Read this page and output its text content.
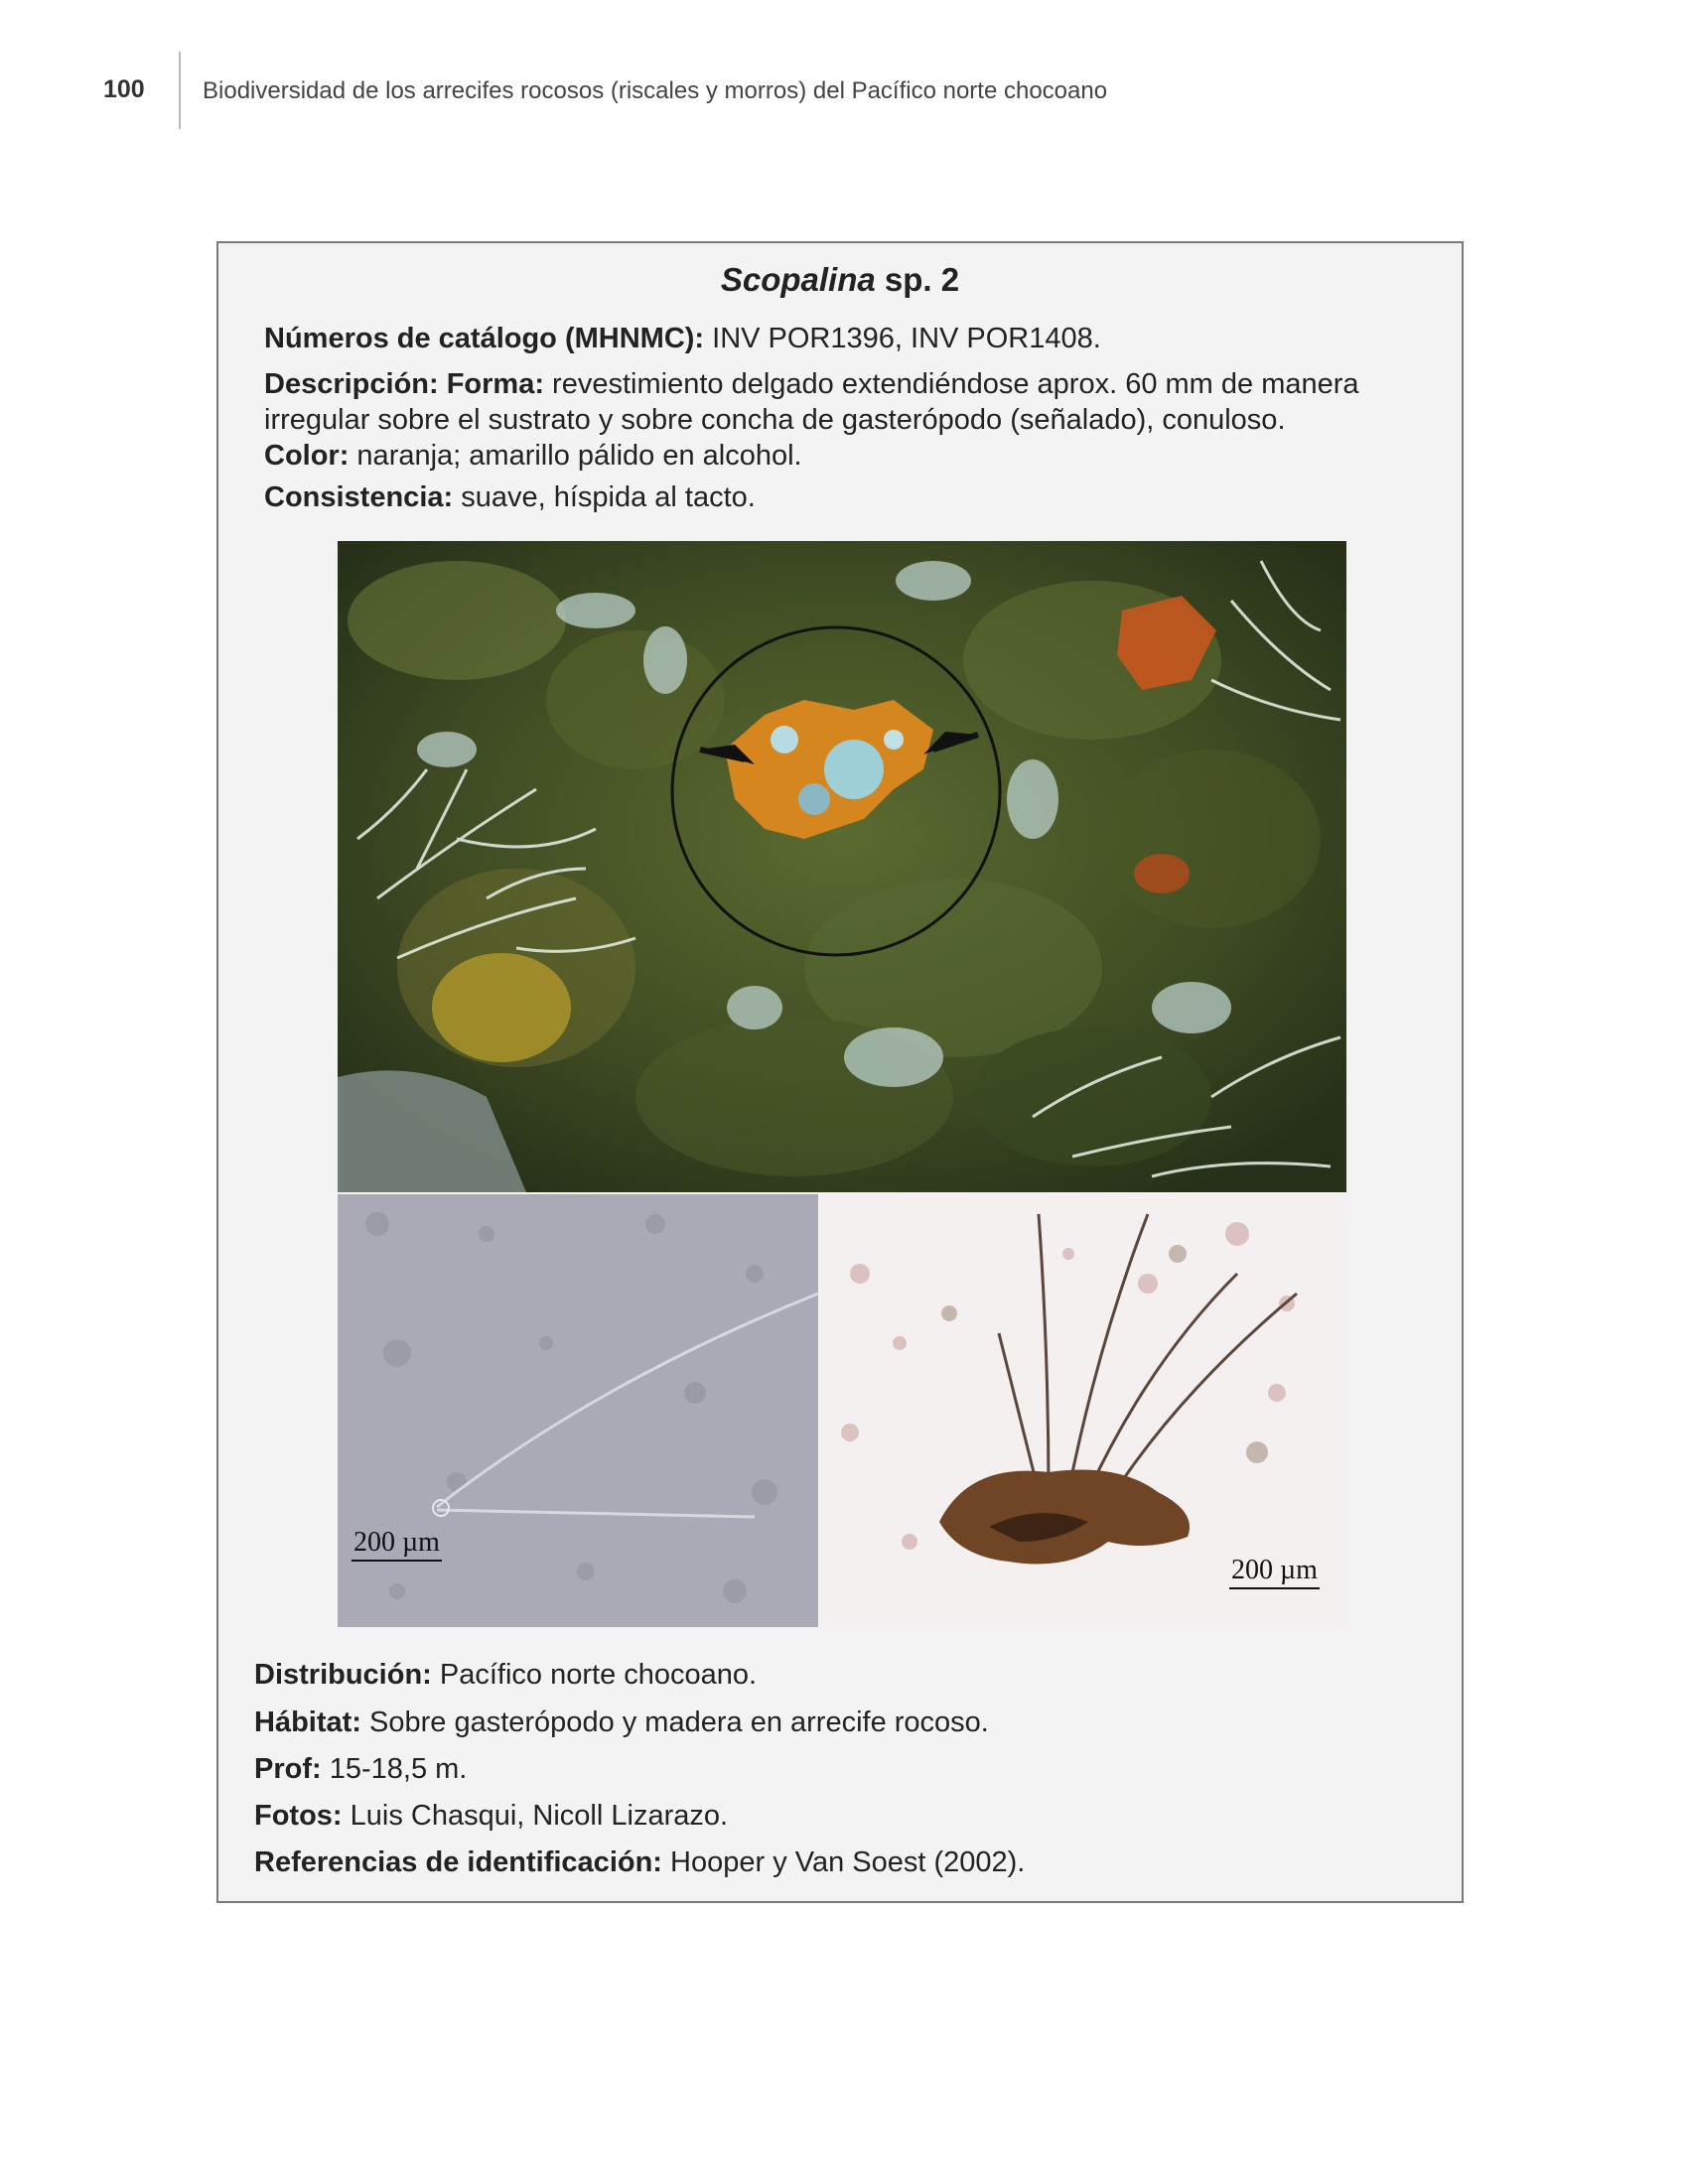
100 Biodiversidad de los arrecifes rocosos (riscales y morros) del Pacífico norte chocoano
Scopalina sp. 2
Números de catálogo (MHNMC): INV POR1396, INV POR1408.
Descripción: Forma: revestimiento delgado extendiéndose aprox. 60 mm de manera irregular sobre el sustrato y sobre concha de gasterópodo (señalado), conuloso.
Color: naranja; amarillo pálido en alcohol.
Consistencia: suave, híspida al tacto.
200 µm
200 µm
Distribución: Pacífico norte chocoano.
Hábitat: Sobre gasterópodo y madera en arrecife rocoso.
Prof: 15-18,5 m.
Fotos: Luis Chasqui, Nicoll Lizarazo.
Referencias de identificación: Hooper y Van Soest (2002).
